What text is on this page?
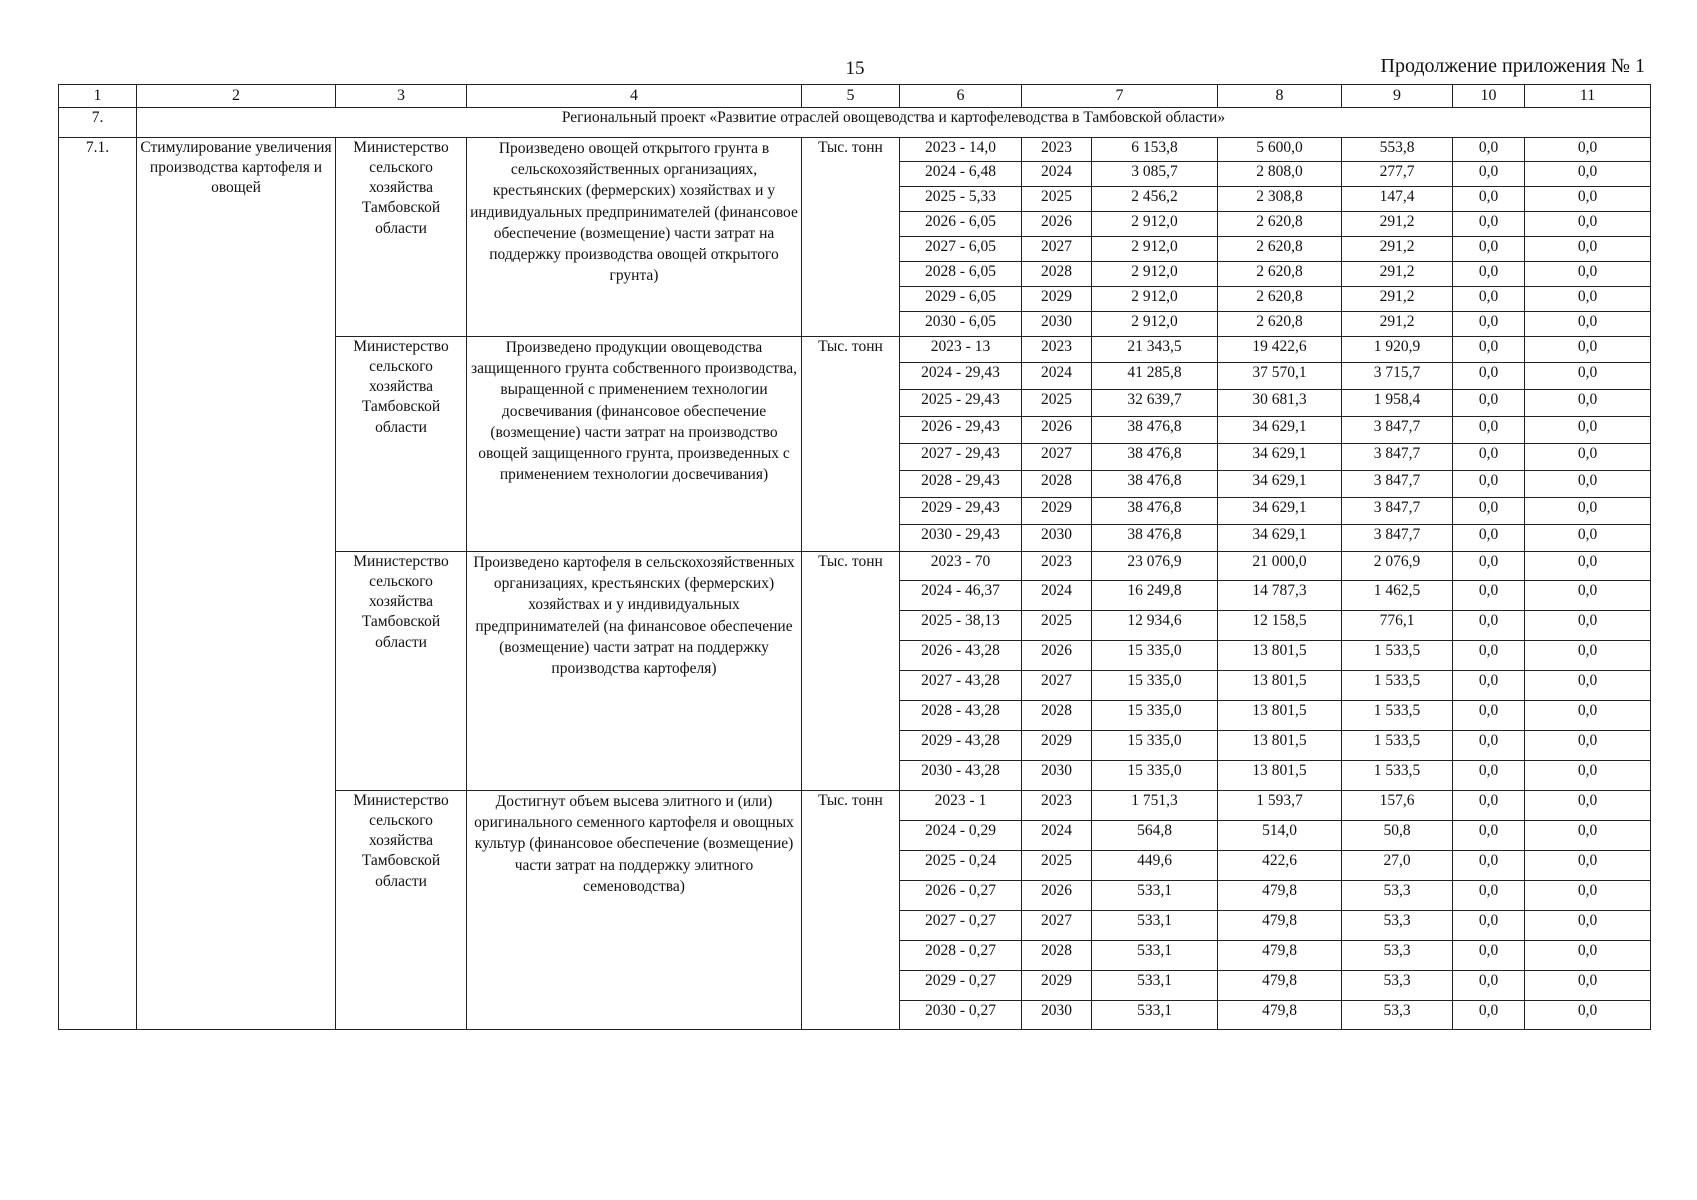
15	Продолжение приложения № 1
1	2	3	4	5	6	7		8	9	10	11
7.	Региональный проект «Развитие отраслей овощеводства и картофелеводства в Тамбовской области»										
7.1.	Стимулирование увеличения производства картофеля и овощей	Министерство сельского хозяйства Тамбовской области	Произведено овощей открытого грунта в сельскохозяйственных организациях, крестьянских (фермерских) хозяйствах и у индивидуальных предпринимателей (финансовое обеспечение (возмещение) части затрат на поддержку производства овощей открытого грунта)	Тыс. тонн	2023 - 14,0	2023	6 153,8	5 600,0	553,8	0,0	0,0
					2024 - 6,48	2024	3 085,7	2 808,0	277,7	0,0	0,0
					2025 - 5,33	2025	2 456,2	2 308,8	147,4	0,0	0,0
					2026 - 6,05	2026	2 912,0	2 620,8	291,2	0,0	0,0
					2027 - 6,05	2027	2 912,0	2 620,8	291,2	0,0	0,0
					2028 - 6,05	2028	2 912,0	2 620,8	291,2	0,0	0,0
					2029 - 6,05	2029	2 912,0	2 620,8	291,2	0,0	0,0
					2030 - 6,05	2030	2 912,0	2 620,8	291,2	0,0	0,0
		Министерство сельского хозяйства Тамбовской области	Произведено продукции овощеводства защищенного грунта собственного производства, выращенной с применением технологии досвечивания (финансовое обеспечение (возмещение) части затрат на производство овощей защищенного грунта, произведенных с применением технологии досвечивания)	Тыс. тонн	2023 - 13	2023	21 343,5	19 422,6	1 920,9	0,0	0,0
					2024 - 29,43	2024	41 285,8	37 570,1	3 715,7	0,0	0,0
					2025 - 29,43	2025	32 639,7	30 681,3	1 958,4	0,0	0,0
					2026 - 29,43	2026	38 476,8	34 629,1	3 847,7	0,0	0,0
					2027 - 29,43	2027	38 476,8	34 629,1	3 847,7	0,0	0,0
					2028 - 29,43	2028	38 476,8	34 629,1	3 847,7	0,0	0,0
					2029 - 29,43	2029	38 476,8	34 629,1	3 847,7	0,0	0,0
					2030 - 29,43	2030	38 476,8	34 629,1	3 847,7	0,0	0,0
		Министерство сельского хозяйства Тамбовской области	Произведено картофеля в сельскохозяйственных организациях, крестьянских (фермерских) хозяйствах и у индивидуальных предпринимателей (на финансовое обеспечение (возмещение) части затрат на поддержку производства картофеля)	Тыс. тонн	2023 - 70	2023	23 076,9	21 000,0	2 076,9	0,0	0,0
					2024 - 46,37	2024	16 249,8	14 787,3	1 462,5	0,0	0,0
					2025 - 38,13	2025	12 934,6	12 158,5	776,1	0,0	0,0
					2026 - 43,28	2026	15 335,0	13 801,5	1 533,5	0,0	0,0
					2027 - 43,28	2027	15 335,0	13 801,5	1 533,5	0,0	0,0
					2028 - 43,28	2028	15 335,0	13 801,5	1 533,5	0,0	0,0
					2029 - 43,28	2029	15 335,0	13 801,5	1 533,5	0,0	0,0
					2030 - 43,28	2030	15 335,0	13 801,5	1 533,5	0,0	0,0
		Министерство сельского хозяйства Тамбовской области	Достигнут объем высева элитного и (или) оригинального семенного картофеля и овощных культур (финансовое обеспечение (возмещение) части затрат на поддержку элитного семеноводства)	Тыс. тонн	2023 - 1	2023	1 751,3	1 593,7	157,6	0,0	0,0
					2024 - 0,29	2024	564,8	514,0	50,8	0,0	0,0
					2025 - 0,24	2025	449,6	422,6	27,0	0,0	0,0
					2026 - 0,27	2026	533,1	479,8	53,3	0,0	0,0
					2027 - 0,27	2027	533,1	479,8	53,3	0,0	0,0
					2028 - 0,27	2028	533,1	479,8	53,3	0,0	0,0
					2029 - 0,27	2029	533,1	479,8	53,3	0,0	0,0
					2030 - 0,27	2030	533,1	479,8	53,3	0,0	0,0
